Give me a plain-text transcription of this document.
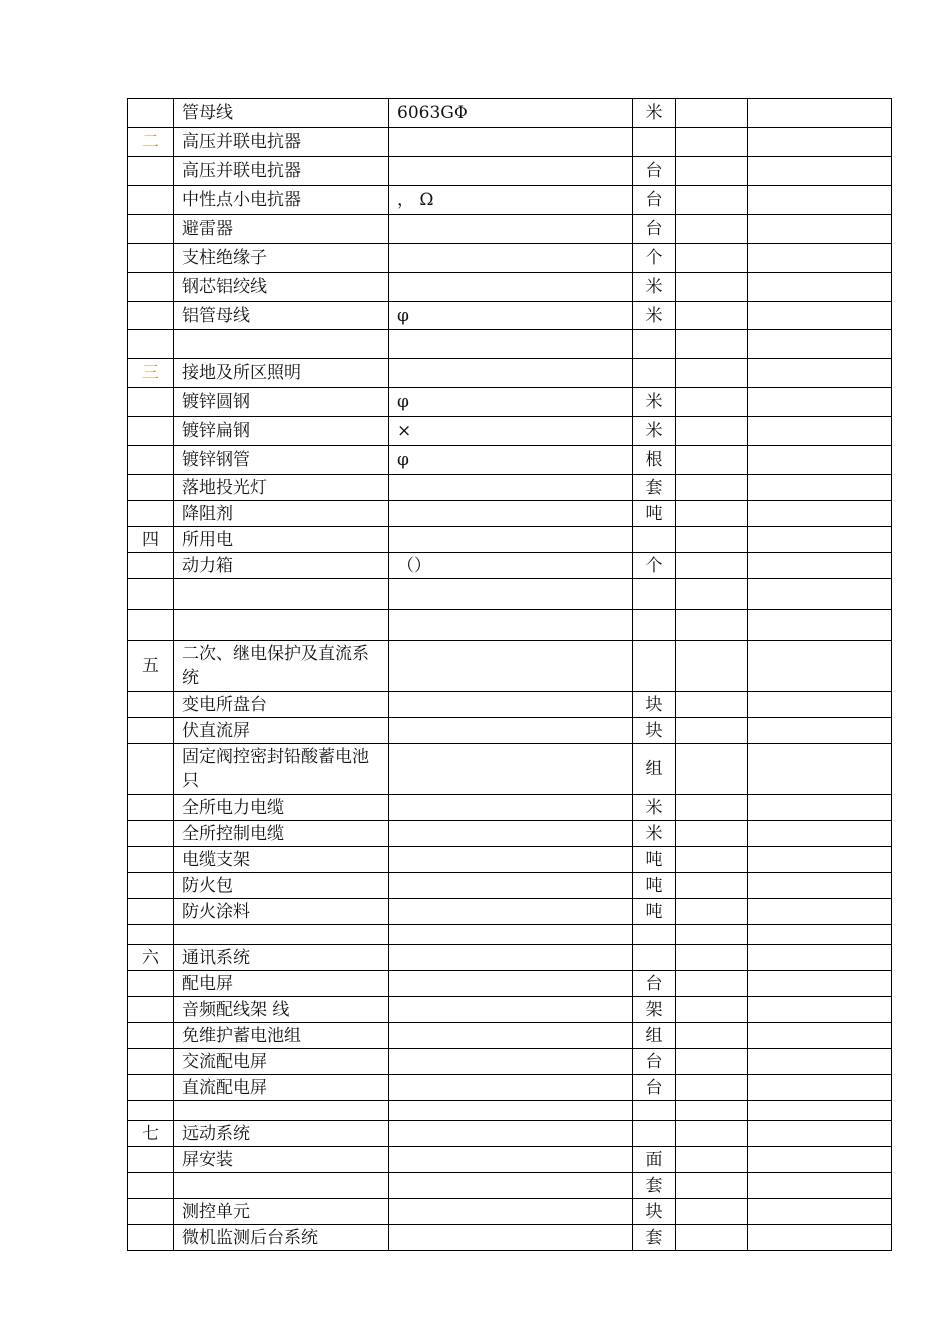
	管母线	6063GΦ	米		
二	高压并联电抗器				
	高压并联电抗器		台		
	中性点小电抗器	， Ω	台		
	避雷器		台		
	支柱绝缘子		个		
	钢芯铝绞线		米		
	铝管母线	φ	米		

三	接地及所区照明				
	镀锌圆钢	φ	米		
	镀锌扁钢	×	米		
	镀锌钢管	φ	根		
	落地投光灯		套		
	降阻剂		吨		
四	所用电				
	动力箱	（）	个		

五	二次、继电保护及直流系统				
	变电所盘台		块		
	伏直流屏		块		
	固定阀控密封铅酸蓄电池 只		组		
	全所电力电缆		米		
	全所控制电缆		米		
	电缆支架		吨		
	防火包		吨		
	防火涂料		吨		

六	通讯系统				
	配电屏		台		
	音频配线架 线		架		
	免维护蓄电池组		组		
	交流配电屏		台		
	直流配电屏		台		

七	远动系统				
	屏安装		面		
			套		
	测控单元		块		
	微机监测后台系统		套		
